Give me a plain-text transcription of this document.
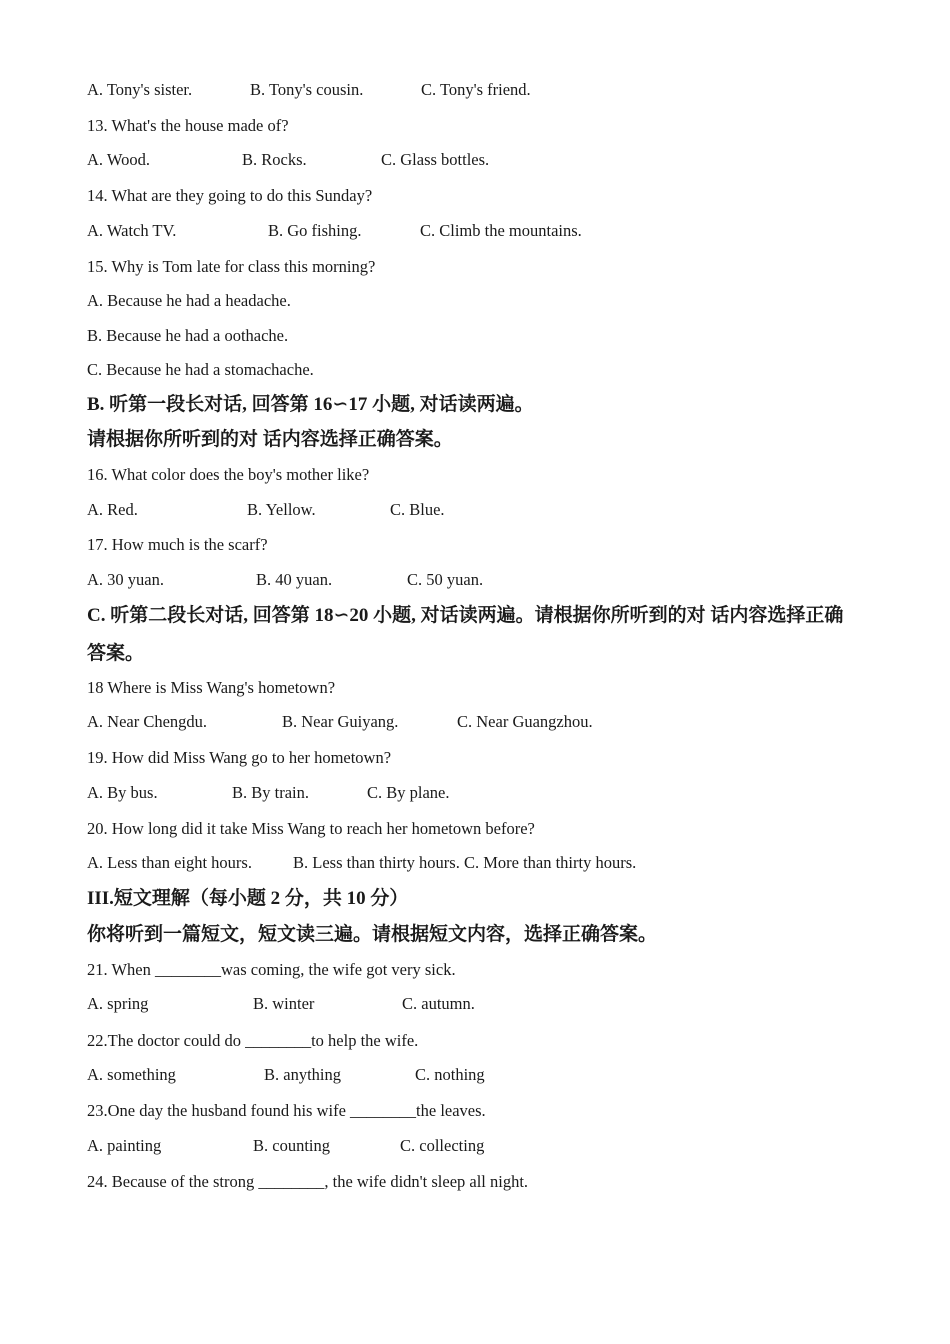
A. Tony's sister.	B. Tony's cousin.	C. Tony's friend.
13. What's the house made of?
A. Wood.	B. Rocks.	C. Glass bottles.
14. What are they going to do this Sunday?
A. Watch TV.	B. Go fishing.	C. Climb the mountains.
15. Why is Tom late for class this morning?
A. Because he had a headache.
B. Because he had a oothache.
C. Because he had a stomachache.
B. 听第一段长对话, 回答第 16∽17 小题, 对话读两遍。
请根据你所听到的对 话内容选择正确答案。
16. What color does the boy's mother like?
A. Red.	B. Yellow.	C. Blue.
17. How much is the scarf?
A. 30 yuan.	B. 40 yuan.	C. 50 yuan.
C. 听第二段长对话, 回答第 18∽20 小题, 对话读两遍。请根据你所听到的对 话内容选择正确
答案。
18 Where is Miss Wang's hometown?
A. Near Chengdu.	B. Near Guiyang.	C. Near Guangzhou.
19. How did Miss Wang go to her hometown?
A. By bus.	B. By train.	C. By plane.
20. How long did it take Miss Wang to reach her hometown before?
A. Less than eight hours. B. Less than thirty hours. C. More than thirty hours.
III.短文理解（每小题 2 分，共 10 分）
你将听到一篇短文，短文读三遍。请根据短文内容，选择正确答案。
21. When ________was coming, the wife got very sick.
A. spring	B. winter	C. autumn.
22.The doctor could do ________to help the wife.
A. something	B. anything	C. nothing
23.One day the husband found his wife ________the leaves.
A. painting	B. counting	C. collecting
24. Because of the strong ________, the wife didn't sleep all night.
